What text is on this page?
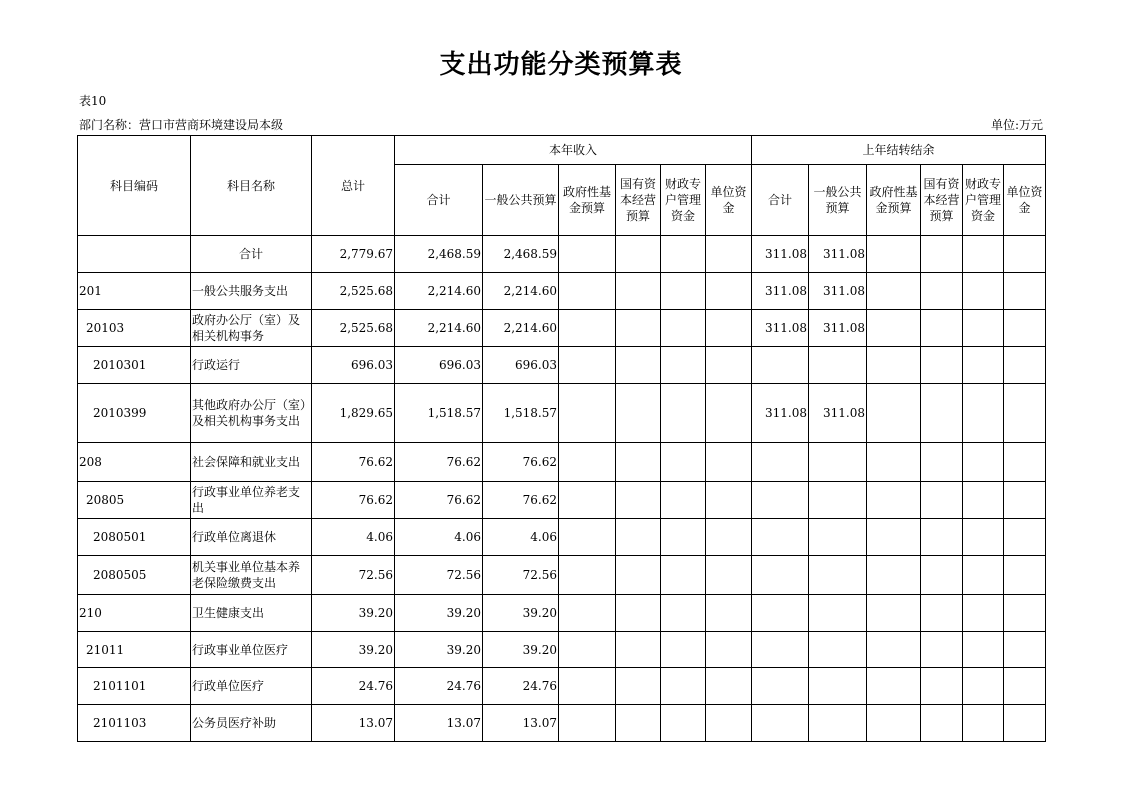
支出功能分类预算表
表10
部门名称：营口市营商环境建设局本级	单位:万元
科目编码	科目名称	总计	本年收入						上年结转结余					
			合计	一般公共预算	政府性基金预算	国有资本经营预算	财政专户管理资金	单位资金	合计	一般公共预算	政府性基金预算	国有资本经营预算	财政专户管理资金	单位资金
	合计	2,779.67	2,468.59	2,468.59					311.08	311.08				
201	一般公共服务支出	2,525.68	2,214.60	2,214.60					311.08	311.08				
20103	政府办公厅（室）及相关机构事务	2,525.68	2,214.60	2,214.60					311.08	311.08				
2010301	行政运行	696.03	696.03	696.03										
2010399	其他政府办公厅（室）及相关机构事务支出	1,829.65	1,518.57	1,518.57					311.08	311.08				
208	社会保障和就业支出	76.62	76.62	76.62										
20805	行政事业单位养老支出	76.62	76.62	76.62										
2080501	行政单位离退休	4.06	4.06	4.06										
2080505	机关事业单位基本养老保险缴费支出	72.56	72.56	72.56										
210	卫生健康支出	39.20	39.20	39.20										
21011	行政事业单位医疗	39.20	39.20	39.20										
2101101	行政单位医疗	24.76	24.76	24.76										
2101103	公务员医疗补助	13.07	13.07	13.07										
